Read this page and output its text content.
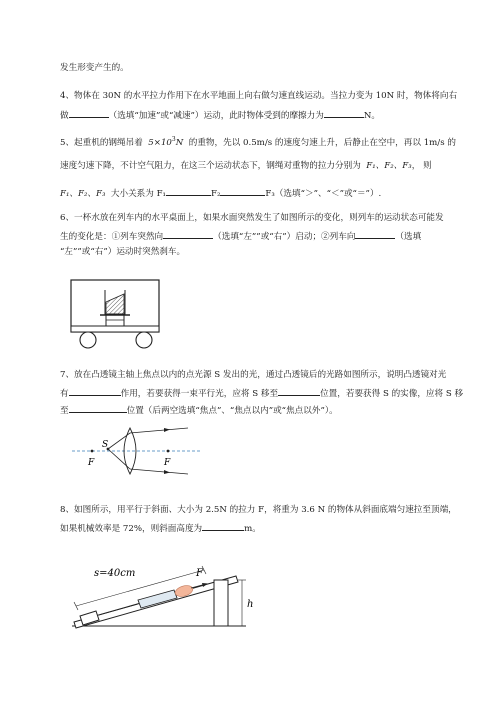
发生形变产生的。
4、物体在 30N 的水平拉力作用下在水平地面上向右做匀速直线运动。当拉力变为 10N 时，物体将向右
做	（选填“加速”或“减速”）运动，此时物体受到的摩擦力为	N。
5、起重机的钢绳吊着 $5\times 10^3N$ 的重物，先以 0.5m/s 的速度匀速上升，后静止在空中，再以 1m/s 的
速度匀速下降，不计空气阻力，在这三个运动状态下，钢绳对重物的拉力分别为 F₁、F₂、F₃， 则
F₁、F₂、F₃ 大小关系为 F₁	F₂	F₃（选填“＞”、“＜”或“＝”）.
6、一杯水放在列车内的水平桌面上，如果水面突然发生了如图所示的变化，则列车的运动状态可能发
生的变化是：①列车突然向	（选填“左””或“右”）启动；②列车向	（选填
“左””或“右”）运动时突然刹车。
7、放在凸透镜主轴上焦点以内的点光源 S 发出的光，通过凸透镜后的光路如图所示，说明凸透镜对光
有	作用，若要获得一束平行光，应将 S 移至	位置，若要获得 S 的实像，应将 S 移
至	位置（后两空选填“焦点”、“焦点以内”或“焦点以外”）。
S
F	F
8、如图所示，用平行于斜面、大小为 2.5N 的拉力 F，将重为 3.6 N 的物体从斜面底端匀速拉至顶端，
如果机械效率是 72%，则斜面高度为	m。
s=40cm	F
h
